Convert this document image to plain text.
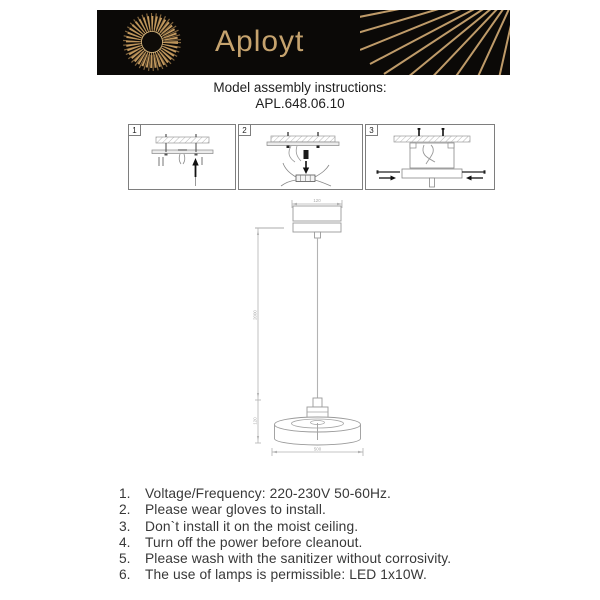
Aployt
Model assembly instructions:
APL.648.06.10
1	2	3
120
2000
120
500
1.	Voltage/Frequency: 220-230V 50-60Hz.
2.	Please wear gloves to install.
3.	Don`t install it on the moist ceiling.
4.	Turn off the power before cleanout.
5.	Please wash with the sanitizer without corrosivity.
6.	The use of lamps is permissible: LED 1x10W.
